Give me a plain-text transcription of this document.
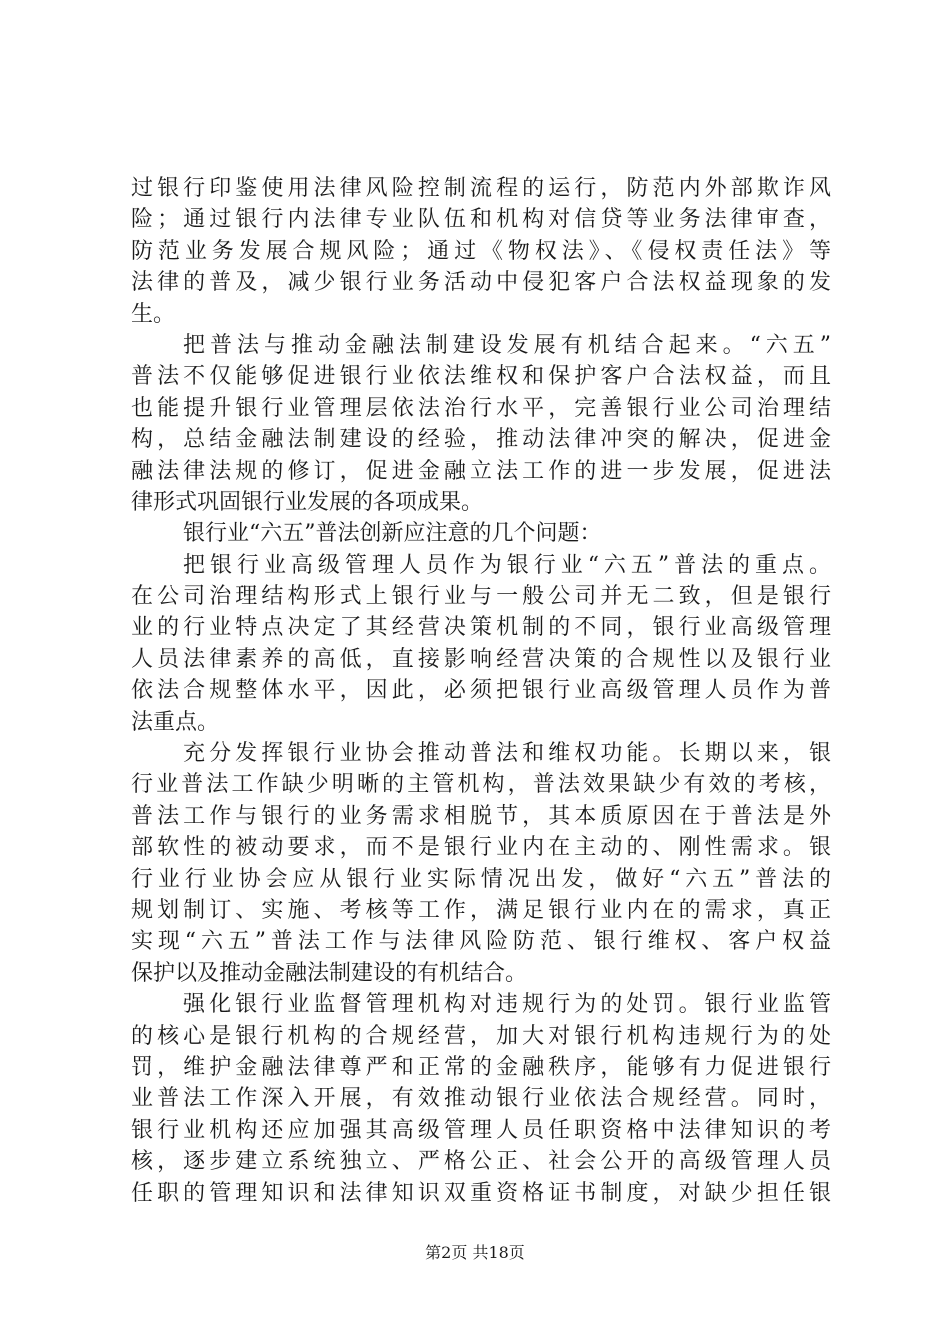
过银行印鉴使用法律风险控制流程的运行，防范内外部欺诈风
险；通过银行内法律专业队伍和机构对信贷等业务法律审查，
防范业务发展合规风险；通过《物权法》、《侵权责任法》等
法律的普及，减少银行业务活动中侵犯客户合法权益现象的发
生。
把普法与推动金融法制建设发展有机结合起来。“六五”
普法不仅能够促进银行业依法维权和保护客户合法权益，而且
也能提升银行业管理层依法治行水平，完善银行业公司治理结
构，总结金融法制建设的经验，推动法律冲突的解决，促进金
融法律法规的修订，促进金融立法工作的进一步发展，促进法
律形式巩固银行业发展的各项成果。
银行业“六五”普法创新应注意的几个问题：
把银行业高级管理人员作为银行业“六五”普法的重点。
在公司治理结构形式上银行业与一般公司并无二致，但是银行
业的行业特点决定了其经营决策机制的不同，银行业高级管理
人员法律素养的高低，直接影响经营决策的合规性以及银行业
依法合规整体水平，因此，必须把银行业高级管理人员作为普
法重点。
充分发挥银行业协会推动普法和维权功能。长期以来，银
行业普法工作缺少明晰的主管机构，普法效果缺少有效的考核，
普法工作与银行的业务需求相脱节，其本质原因在于普法是外
部软性的被动要求，而不是银行业内在主动的、刚性需求。银
行业行业协会应从银行业实际情况出发，做好“六五”普法的
规划制订、实施、考核等工作，满足银行业内在的需求，真正
实现“六五”普法工作与法律风险防范、银行维权、客户权益
保护以及推动金融法制建设的有机结合。
强化银行业监督管理机构对违规行为的处罚。银行业监管
的核心是银行机构的合规经营，加大对银行机构违规行为的处
罚，维护金融法律尊严和正常的金融秩序，能够有力促进银行
业普法工作深入开展，有效推动银行业依法合规经营。同时，
银行业机构还应加强其高级管理人员任职资格中法律知识的考
核，逐步建立系统独立、严格公正、社会公开的高级管理人员
任职的管理知识和法律知识双重资格证书制度，对缺少担任银
第2页 共18页
